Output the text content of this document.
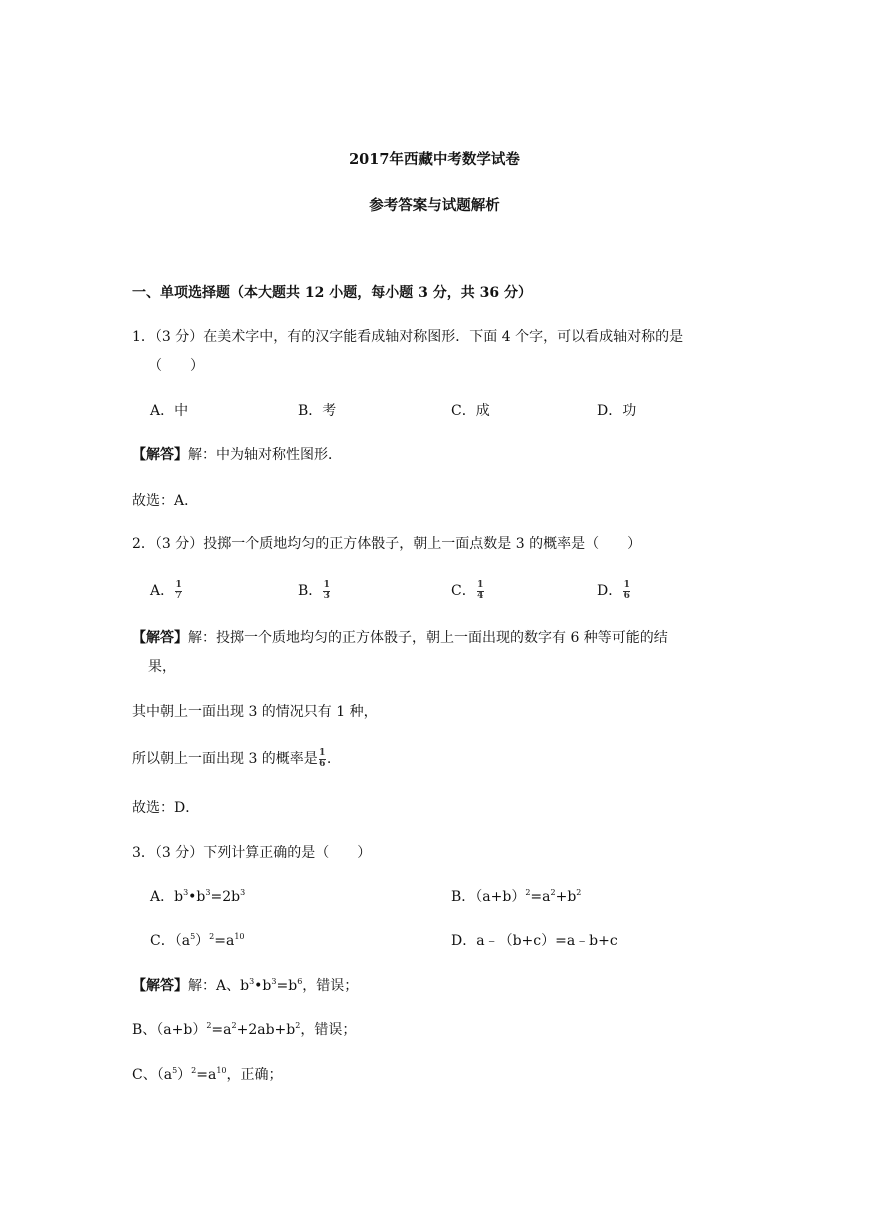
2017年西藏中考数学试卷
参考答案与试题解析
一、单项选择题（本大题共 12 小题，每小题 3 分，共 36 分）
1．（3 分）在美术字中，有的汉字能看成轴对称图形．下面 4 个字，可以看成轴对称的是
（　　）
A．中	B．考	C．成	D．功
【解答】解：中为轴对称性图形．
故选：A．
2．（3 分）投掷一个质地均匀的正方体骰子，朝上一面点数是 3 的概率是（　　）
A． $\frac{1}{7}$	B． $\frac{1}{3}$	C． $\frac{1}{4}$	D． $\frac{1}{6}$
【解答】解：投掷一个质地均匀的正方体骰子，朝上一面出现的数字有 6 种等可能的结
果，
其中朝上一面出现 3 的情况只有 1 种，
所以朝上一面出现 3 的概率是 $\frac{1}{6}$ .
故选：D．
3．（3 分）下列计算正确的是（　　）
A．$b^3•b^3=2b^3$	B．$(a+b)^2=a^2+b^2$
C．$(a^5)^2=a^{10}$	D．a﹣（b+c）=a﹣b+c
【解答】解：A、$b^3•b^3=b^6$，错误；
B、$(a+b)^2=a^2+2ab+b^2$，错误；
C、$(a^5)^2=a^{10}$，正确；
